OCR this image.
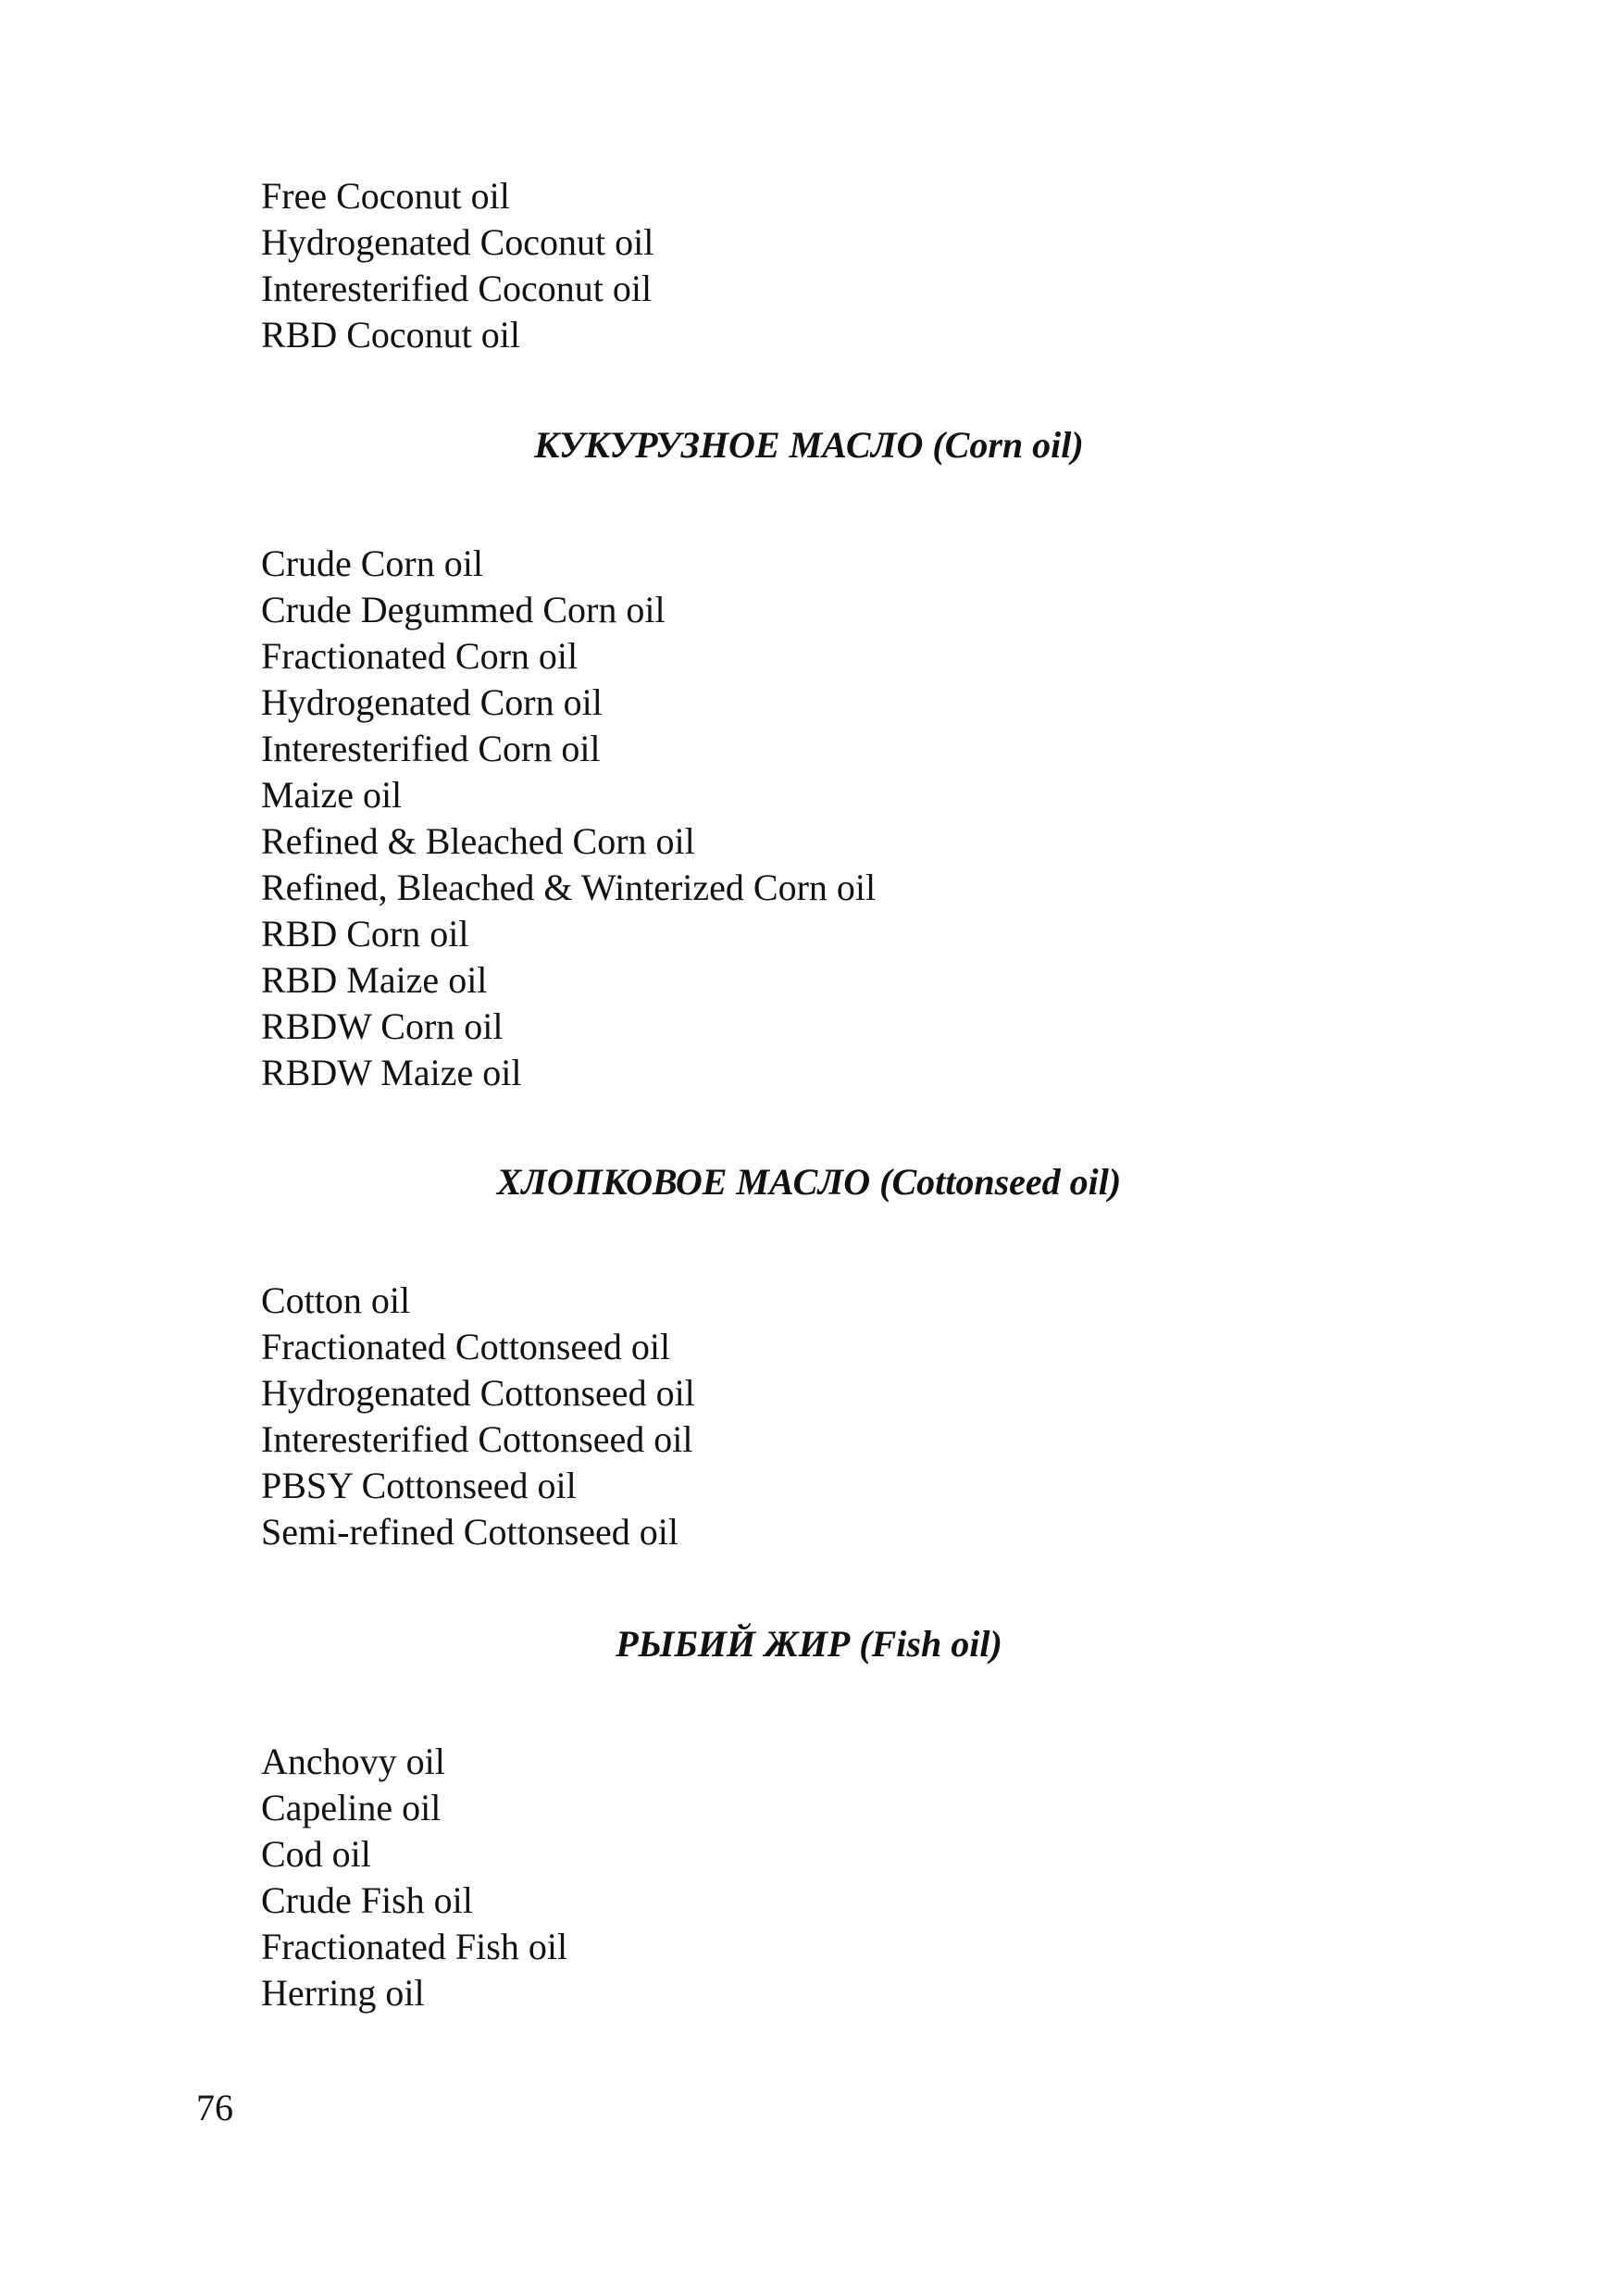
Free Coconut oil
Hydrogenated Coconut oil
Interesterified Coconut oil
RBD Coconut oil
КУКУРУЗНОЕ МАСЛО (Corn oil)
Crude Corn oil
Crude Degummed Corn oil
Fractionated Corn oil
Hydrogenated Corn oil
Interesterified Corn oil
Maize oil
Refined & Bleached Corn oil
Refined, Bleached & Winterized Corn oil
RBD Corn oil
RBD Maize oil
RBDW Corn oil
RBDW Maize oil
ХЛОПКОВОЕ МАСЛО (Cottonseed oil)
Cotton oil
Fractionated Cottonseed oil
Hydrogenated Cottonseed oil
Interesterified Cottonseed oil
PBSY Cottonseed oil
Semi-refined Cottonseed oil
РЫБИЙ ЖИР (Fish oil)
Anchovy oil
Capeline oil
Cod oil
Crude Fish oil
Fractionated Fish oil
Herring oil
76
